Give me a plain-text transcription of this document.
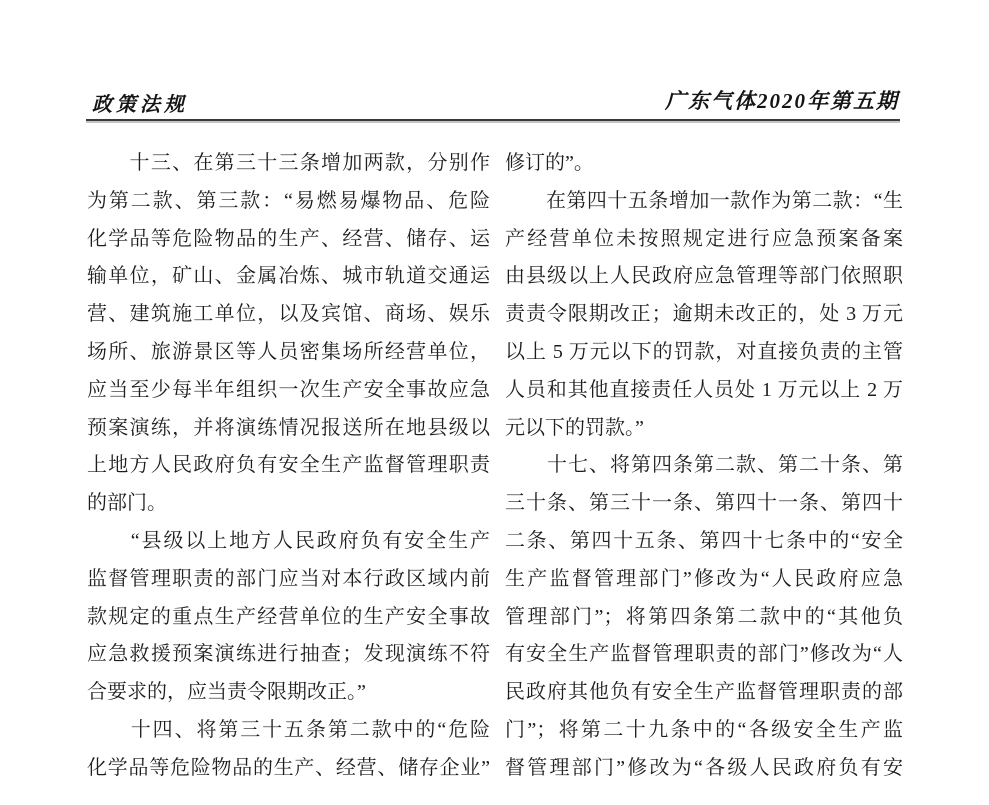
政策法规	广东气体2020年第五期
　　十三、在第三十三条增加两款，分别作
为第二款、第三款：“易燃易爆物品、危险
化学品等危险物品的生产、经营、储存、运
输单位，矿山、金属冶炼、城市轨道交通运
营、建筑施工单位，以及宾馆、商场、娱乐
场所、旅游景区等人员密集场所经营单位，
应当至少每半年组织一次生产安全事故应急
预案演练，并将演练情况报送所在地县级以
上地方人民政府负有安全生产监督管理职责
的部门。
　　“县级以上地方人民政府负有安全生产
监督管理职责的部门应当对本行政区域内前
款规定的重点生产经营单位的生产安全事故
应急救援预案演练进行抽查；发现演练不符
合要求的，应当责令限期改正。”
　　十四、将第三十五条第二款中的“危险
化学品等危险物品的生产、经营、储存企业”
修订的”。
　　在第四十五条增加一款作为第二款：“生
产经营单位未按照规定进行应急预案备案
由县级以上人民政府应急管理等部门依照职
责责令限期改正；逾期未改正的，处 3 万元
以上 5 万元以下的罚款，对直接负责的主管
人员和其他直接责任人员处 1 万元以上 2 万
元以下的罚款。”
　　十七、将第四条第二款、第二十条、第
三十条、第三十一条、第四十一条、第四十
二条、第四十五条、第四十七条中的“安全
生产监督管理部门”修改为“人民政府应急
管理部门”；将第四条第二款中的“其他负
有安全生产监督管理职责的部门”修改为“人
民政府其他负有安全生产监督管理职责的部
门”；将第二十九条中的“各级安全生产监
督管理部门”修改为“各级人民政府负有安
